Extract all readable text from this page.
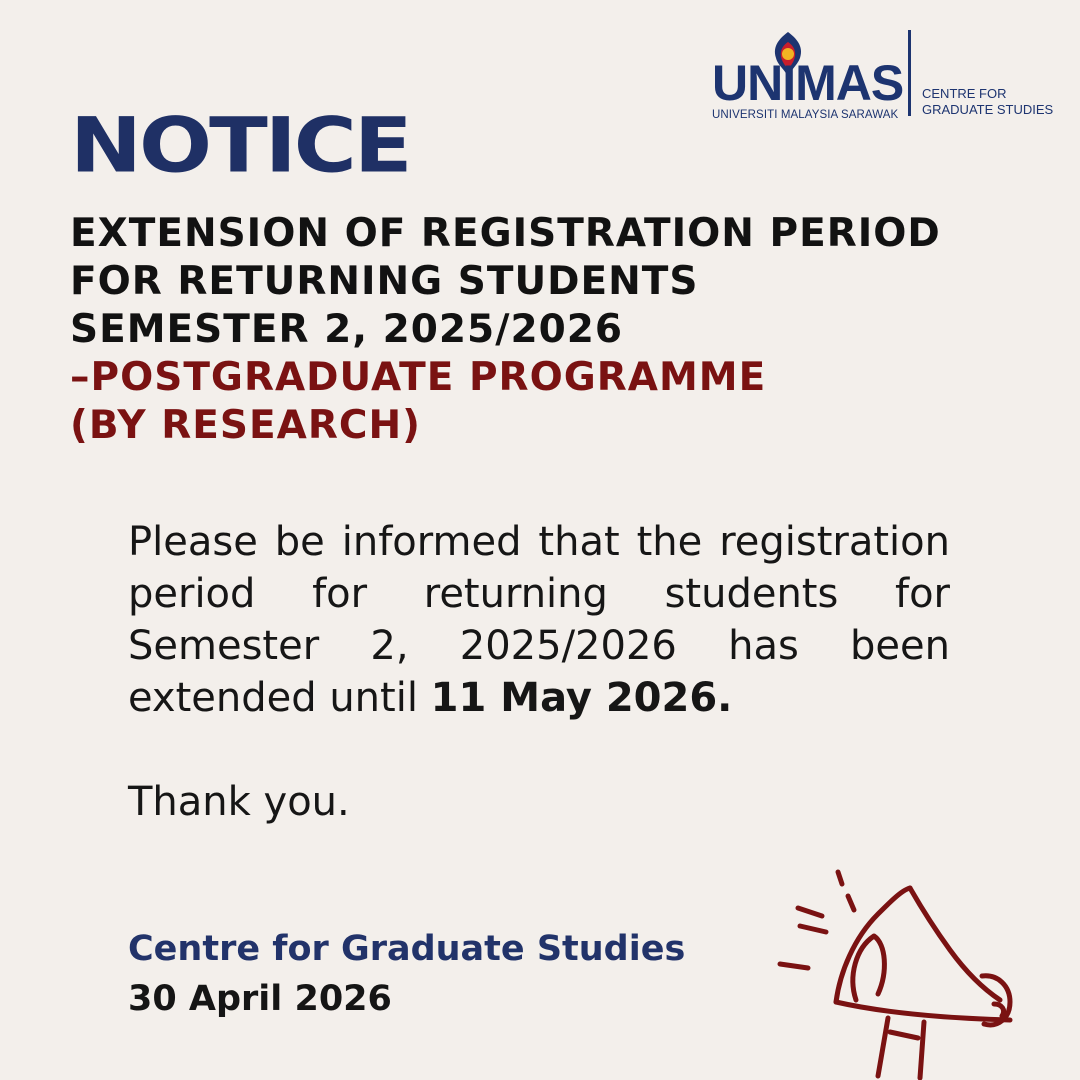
UNIMAS
UNIVERSITI MALAYSIA SARAWAK
CENTRE FOR
GRADUATE STUDIES
NOTICE
EXTENSION OF REGISTRATION PERIOD
FOR RETURNING STUDENTS
SEMESTER 2, 2025/2026
–POSTGRADUATE PROGRAMME
(BY RESEARCH)

Please be informed that the registration period for returning students for Semester 2, 2025/2026 has been extended until 11 May 2026.

Thank you.

Centre for Graduate Studies

30 April 2026
